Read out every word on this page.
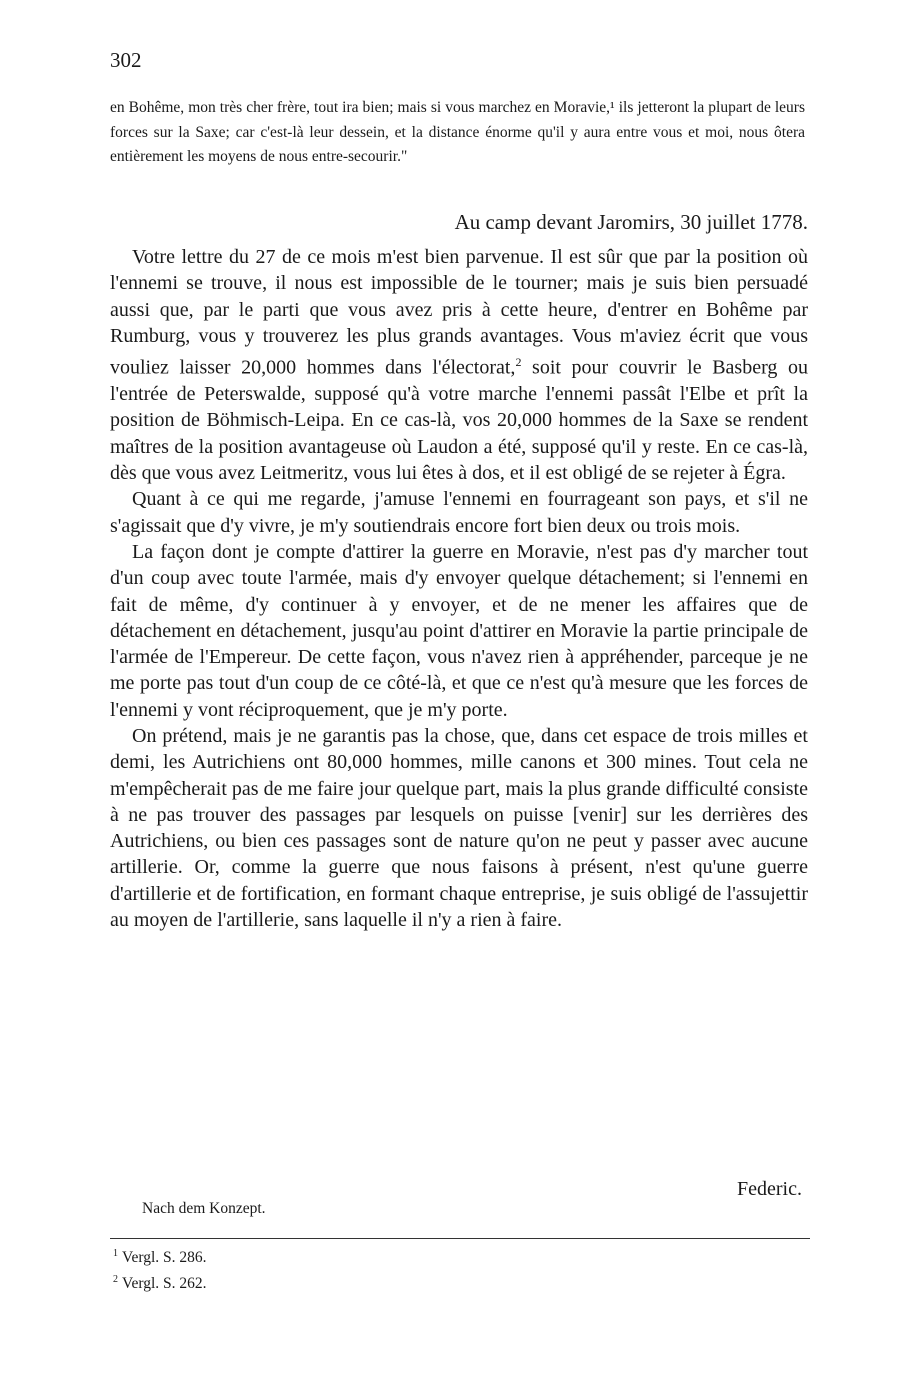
302

en Bohême, mon très cher frère, tout ira bien; mais si vous marchez en Moravie,¹ ils jetteront la plupart de leurs forces sur la Saxe; car c'est-là leur dessein, et la distance énorme qu'il y aura entre vous et moi, nous ôtera entièrement les moyens de nous entre-secourir."

Au camp devant Jaromirs, 30 juillet 1778.

Votre lettre du 27 de ce mois m'est bien parvenue. Il est sûr que par la position où l'ennemi se trouve, il nous est impossible de le tourner; mais je suis bien persuadé aussi que, par le parti que vous avez pris à cette heure, d'entrer en Bohême par Rumburg, vous y trouverez les plus grands avantages. Vous m'aviez écrit que vous vouliez laisser 20,000 hommes dans l'électorat,$^2$ soit pour couvrir le Basberg ou l'entrée de Peterswalde, supposé qu'à votre marche l'ennemi passât l'Elbe et prît la position de Böhmisch-Leipa. En ce cas-là, vos 20,000 hommes de la Saxe se rendent maîtres de la position avantageuse où Laudon a été, supposé qu'il y reste. En ce cas-là, dès que vous avez Leitmeritz, vous lui êtes à dos, et il est obligé de se rejeter à Égra.

Quant à ce qui me regarde, j'amuse l'ennemi en fourrageant son pays, et s'il ne s'agissait que d'y vivre, je m'y soutiendrais encore fort bien deux ou trois mois.

La façon dont je compte d'attirer la guerre en Moravie, n'est pas d'y marcher tout d'un coup avec toute l'armée, mais d'y envoyer quelque détachement; si l'ennemi en fait de même, d'y continuer à y envoyer, et de ne mener les affaires que de détachement en détachement, jusqu'au point d'attirer en Moravie la partie principale de l'armée de l'Empereur. De cette façon, vous n'avez rien à appréhender, parceque je ne me porte pas tout d'un coup de ce côté-là, et que ce n'est qu'à mesure que les forces de l'ennemi y vont réciproquement, que je m'y porte.

On prétend, mais je ne garantis pas la chose, que, dans cet espace de trois milles et demi, les Autrichiens ont 80,000 hommes, mille canons et 300 mines. Tout cela ne m'empêcherait pas de me faire jour quelque part, mais la plus grande difficulté consiste à ne pas trouver des passages par lesquels on puisse [venir] sur les derrières des Autrichiens, ou bien ces passages sont de nature qu'on ne peut y passer avec aucune artillerie. Or, comme la guerre que nous faisons à présent, n'est qu'une guerre d'artillerie et de fortification, en formant chaque entreprise, je suis obligé de l'assujettir au moyen de l'artillerie, sans laquelle il n'y a rien à faire.

Federic.
Nach dem Konzept.

$^1$ Vergl. S. 286.

$^2$ Vergl. S. 262.
